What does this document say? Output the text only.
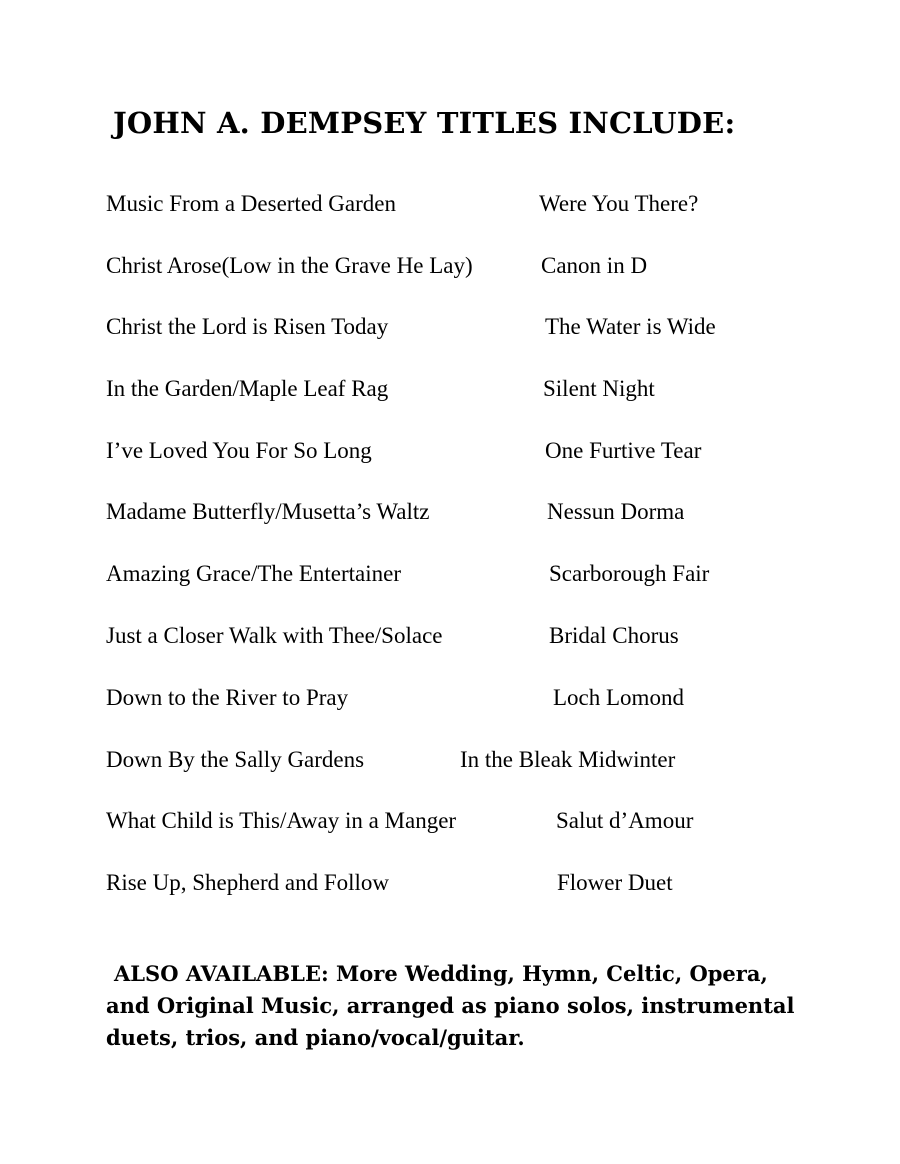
JOHN A. DEMPSEY TITLES INCLUDE:
Music From a Deserted Garden	Were You There?
Christ Arose(Low in the Grave He Lay)	Canon in D
Christ the Lord is Risen Today	The Water is Wide
In the Garden/Maple Leaf Rag	Silent Night
I’ve Loved You For So Long	One Furtive Tear
Madame Butterfly/Musetta’s Waltz	Nessun Dorma
Amazing Grace/The Entertainer	Scarborough Fair
Just a Closer Walk with Thee/Solace	Bridal Chorus
Down to the River to Pray	Loch Lomond
Down By the Sally Gardens	In the Bleak Midwinter
What Child is This/Away in a Manger	Salut d’Amour
Rise Up, Shepherd and Follow	Flower Duet

ALSO AVAILABLE: More Wedding, Hymn, Celtic, Opera,
and Original Music, arranged as piano solos, instrumental
duets, trios, and piano/vocal/guitar.
